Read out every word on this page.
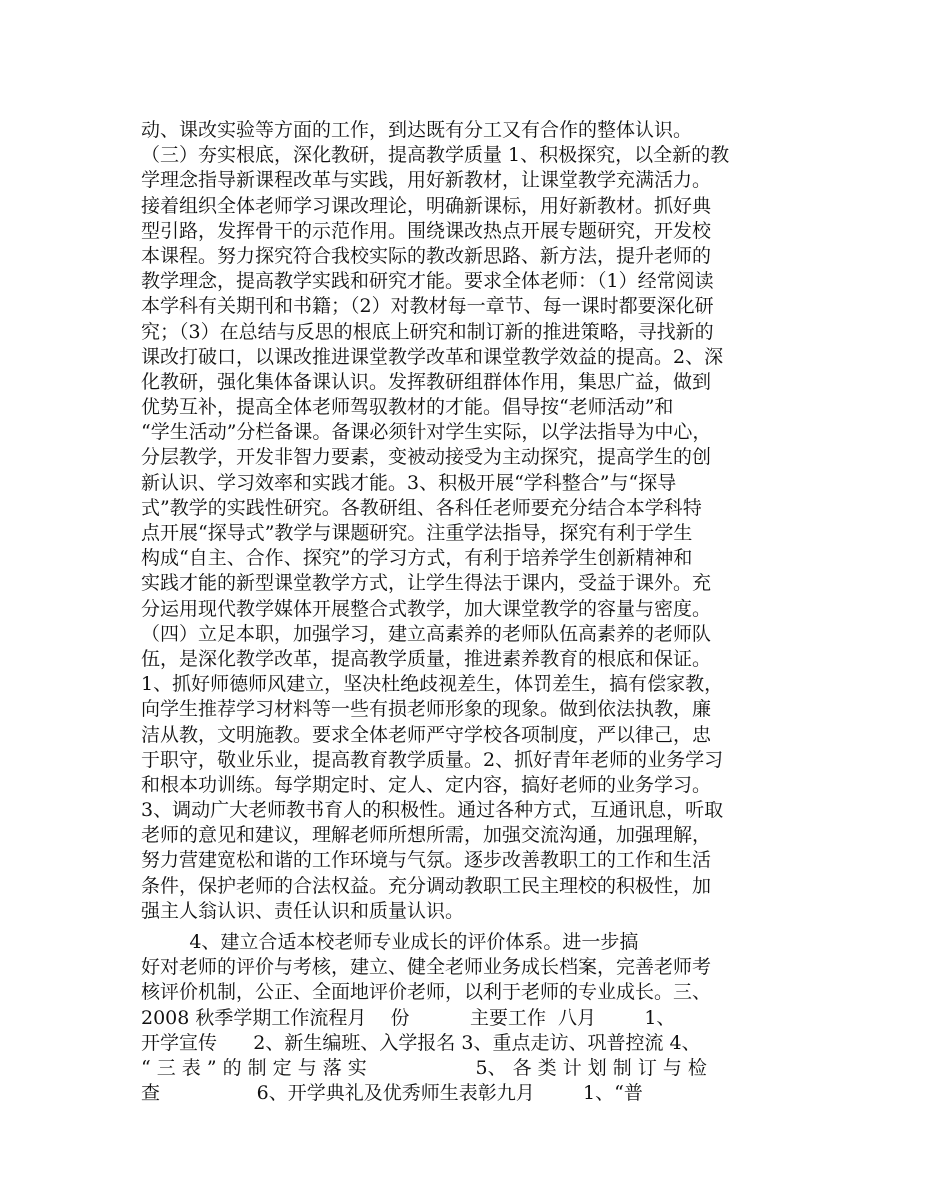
动、课改实验等方面的工作，到达既有分工又有合作的整体认识。
（三）夯实根底，深化教研，提高教学质量 1、积极探究，以全新的教
学理念指导新课程改革与实践，用好新教材，让课堂教学充满活力。
接着组织全体老师学习课改理论，明确新课标，用好新教材。抓好典
型引路，发挥骨干的示范作用。围绕课改热点开展专题研究，开发校
本课程。努力探究符合我校实际的教改新思路、新方法，提升老师的
教学理念，提高教学实践和研究才能。要求全体老师：（1）经常阅读
本学科有关期刊和书籍；（2）对教材每一章节、每一课时都要深化研
究；（3）在总结与反思的根底上研究和制订新的推进策略，寻找新的
课改打破口，以课改推进课堂教学改革和课堂教学效益的提高。2、深
化教研，强化集体备课认识。发挥教研组群体作用，集思广益，做到
优势互补，提高全体老师驾驭教材的才能。倡导按“老师活动”和
“学生活动”分栏备课。备课必须针对学生实际，以学法指导为中心，
分层教学，开发非智力要素，变被动接受为主动探究，提高学生的创
新认识、学习效率和实践才能。3、积极开展“学科整合”与“探导
式”教学的实践性研究。各教研组、各科任老师要充分结合本学科特
点开展“探导式”教学与课题研究。注重学法指导，探究有利于学生
构成“自主、合作、探究”的学习方式，有利于培养学生创新精神和
实践才能的新型课堂教学方式，让学生得法于课内，受益于课外。充
分运用现代教学媒体开展整合式教学，加大课堂教学的容量与密度。
（四）立足本职，加强学习，建立高素养的老师队伍高素养的老师队
伍，是深化教学改革，提高教学质量，推进素养教育的根底和保证。
1、抓好师德师风建立，坚决杜绝歧视差生，体罚差生，搞有偿家教，
向学生推荐学习材料等一些有损老师形象的现象。做到依法执教，廉
洁从教，文明施教。要求全体老师严守学校各项制度，严以律己，忠
于职守，敬业乐业，提高教育教学质量。2、抓好青年老师的业务学习
和根本功训练。每学期定时、定人、定内容，搞好老师的业务学习。
3、调动广大老师教书育人的积极性。通过各种方式，互通讯息，听取
老师的意见和建议，理解老师所想所需，加强交流沟通，加强理解，
努力营建宽松和谐的工作环境与气氛。逐步改善教职工的工作和生活
条件，保护老师的合法权益。充分调动教职工民主理校的积极性，加
强主人翁认识、责任认识和质量认识。
4、建立合适本校老师专业成长的评价体系。进一步搞
好对老师的评价与考核，建立、健全老师业务成长档案，完善老师考
核评价机制，公正、全面地评价老师，以利于老师的专业成长。三、
2008 秋季学期工作流程月    份          主要工作  八月        1、
开学宣传      2、新生编班、入学报名 3、重点走访、巩普控流 4、
“ 三 表 ” 的 制 定 与 落 实                  5、 各 类 计 划 制 订 与 检
查                6、开学典礼及优秀师生表彰九月        1、“普
